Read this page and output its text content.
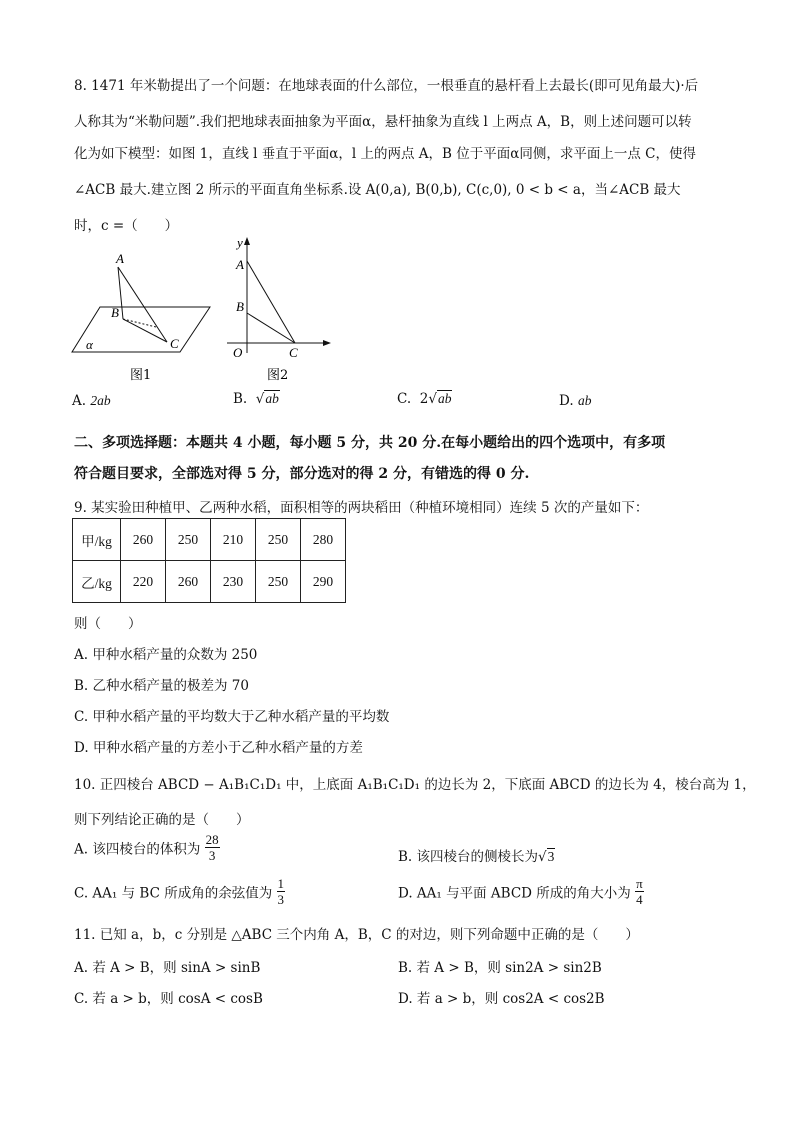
8. 1471 年米勒提出了一个问题：在地球表面的什么部位，一根垂直的悬杆看上去最长(即可见角最大)·后
人称其为“米勒问题”.我们把地球表面抽象为平面α，悬杆抽象为直线 l 上两点 A，B，则上述问题可以转
化为如下模型：如图 1，直线 l 垂直于平面α，l 上的两点 A，B 位于平面α同侧，求平面上一点 C，使得
∠ACB 最大.建立图 2 所示的平面直角坐标系.设 A(0,a), B(0,b), C(c,0), 0 < b < a，当∠ACB 最大
时，c =（　　）
A
B
C
α
图1
y
A
B
O	C
图2
A. 2ab	B.  √ab	C. 2√ab	D. ab
二、多项选择题：本题共 4 小题，每小题 5 分，共 20 分.在每小题给出的四个选项中，有多项
符合题目要求，全部选对得 5 分，部分选对的得 2 分，有错选的得 0 分.
9. 某实验田种植甲、乙两种水稻，面积相等的两块稻田（种植环境相同）连续 5 次的产量如下：
甲/kg	260	250	210	250	280
乙/kg	220	260	230	250	290
则（　　）
A. 甲种水稻产量的众数为 250
B. 乙种水稻产量的极差为 70
C. 甲种水稻产量的平均数大于乙种水稻产量的平均数
D. 甲种水稻产量的方差小于乙种水稻产量的方差
10. 正四棱台 ABCD − A₁B₁C₁D₁ 中，上底面 A₁B₁C₁D₁ 的边长为 2，下底面 ABCD 的边长为 4，棱台高为 1，
则下列结论正确的是（　　）
A. 该四棱台的体积为 $\frac{28}{3}$	B. 该四棱台的侧棱长为√3
C. AA₁ 与 BC 所成角的余弦值为 $\frac{1}{3}$	D. AA₁ 与平面 ABCD 所成的角大小为 $\frac{\pi}{4}$
11. 已知 a，b，c 分别是 △ABC 三个内角 A，B，C 的对边，则下列命题中正确的是（　　）
A. 若 A > B，则 sinA > sinB	B. 若 A > B，则 sin2A > sin2B
C. 若 a > b，则 cosA < cosB	D. 若 a > b，则 cos2A < cos2B
